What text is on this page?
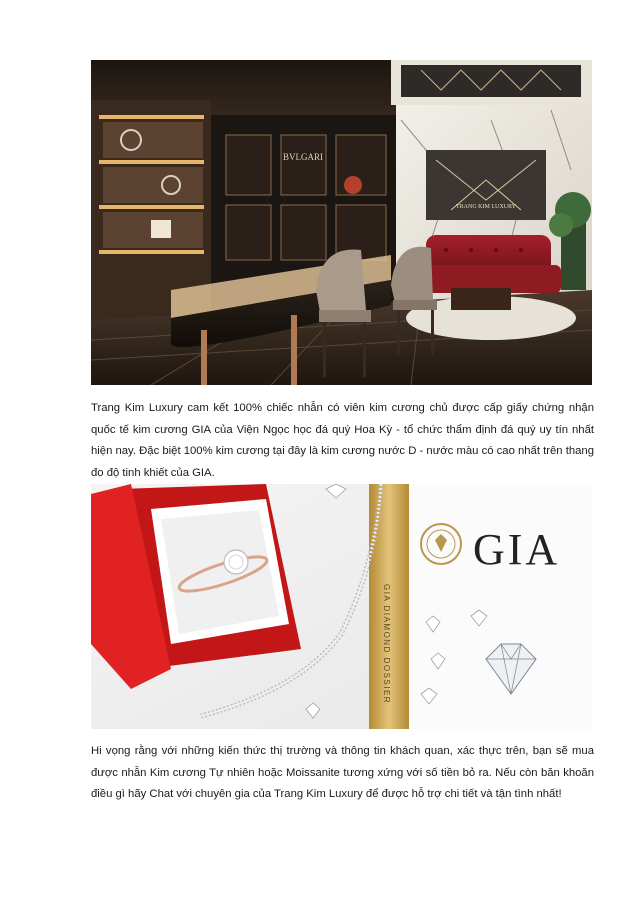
BVLGARI
TRANG KIM LUXURY

Trang Kim Luxury cam kết 100% chiếc nhẫn có viên kim cương chủ được cấp giấy chứng nhận quốc tế kim cương GIA của Viện Ngọc học đá quý Hoa Kỳ - tổ chức thẩm định đá quý uy tín nhất hiện nay. Đặc biệt 100% kim cương tại đây là kim cương nước D - nước màu có cao nhất trên thang đo độ tinh khiết của GIA.

GIA DIAMOND DOSSIER
GIA

Hi vọng rằng với những kiến thức thị trường và thông tin khách quan, xác thực trên, bạn sẽ mua được nhẫn Kim cương Tự nhiên hoặc Moissanite tương xứng với số tiền bỏ ra. Nếu còn băn khoăn điều gì hãy Chat với chuyên gia của Trang Kim Luxury để được hỗ trợ chi tiết và tận tình nhất!
